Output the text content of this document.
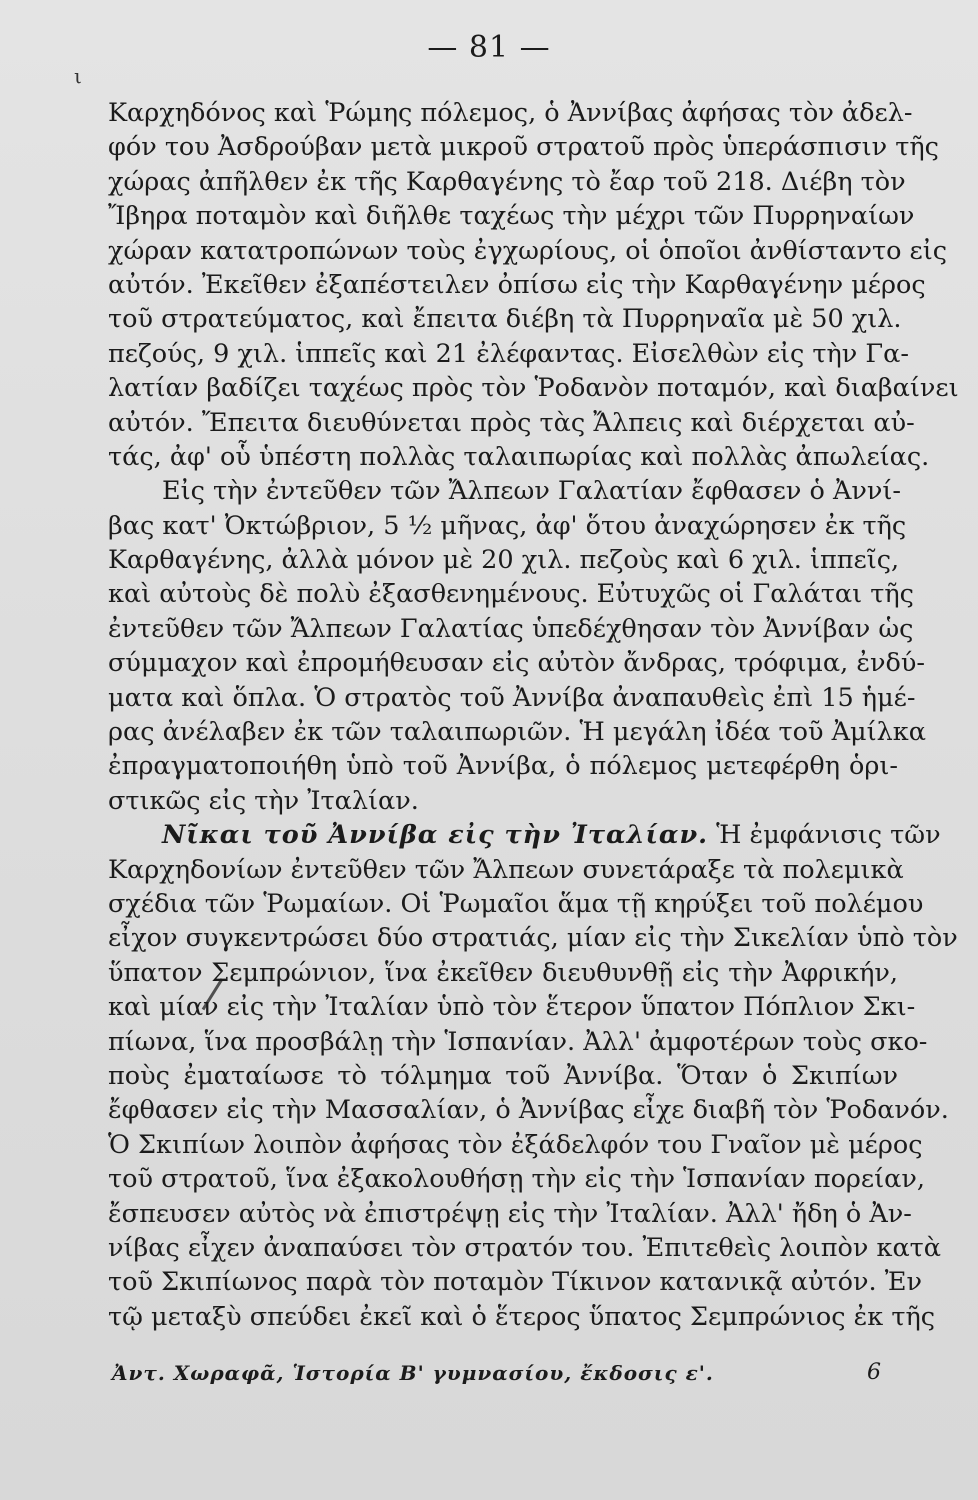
— 81 —
ι
Καρχηδόνος καὶ Ῥώμης πόλεμος, ὁ Ἀννίβας ἀφήσας τὸν ἀδελ-
φόν του Ἀσδρούβαν μετὰ μικροῦ στρατοῦ πρὸς ὑπεράσπισιν τῆς
χώρας ἀπῆλθεν ἐκ τῆς Καρθαγένης τὸ ἔαρ τοῦ 218. Διέβη τὸν
Ἴβηρα ποταμὸν καὶ διῆλθε ταχέως τὴν μέχρι τῶν Πυρρηναίων
χώραν κατατροπώνων τοὺς ἐγχωρίους, οἱ ὁποῖοι ἀνθίσταντο εἰς
αὐτόν. Ἐκεῖθεν ἐξαπέστειλεν ὀπίσω εἰς τὴν Καρθαγένην μέρος
τοῦ στρατεύματος, καὶ ἔπειτα διέβη τὰ Πυρρηναῖα μὲ 50 χιλ.
πεζούς, 9 χιλ. ἱππεῖς καὶ 21 ἐλέφαντας. Εἰσελθὼν εἰς τὴν Γα-
λατίαν βαδίζει ταχέως πρὸς τὸν Ῥοδανὸν ποταμόν, καὶ διαβαίνει
αὐτόν. Ἔπειτα διευθύνεται πρὸς τὰς Ἄλπεις καὶ διέρχεται αὐ-
τάς, ἀφ' οὗ ὑπέστη πολλὰς ταλαιπωρίας καὶ πολλὰς ἀπωλείας.
Εἰς τὴν ἐντεῦθεν τῶν Ἄλπεων Γαλατίαν ἔφθασεν ὁ Ἀννί-
βας κατ' Ὀκτώβριον, 5 ½ μῆνας, ἀφ' ὅτου ἀναχώρησεν ἐκ τῆς
Καρθαγένης, ἀλλὰ μόνον μὲ 20 χιλ. πεζοὺς καὶ 6 χιλ. ἱππεῖς,
καὶ αὐτοὺς δὲ πολὺ ἐξασθενημένους. Εὐτυχῶς οἱ Γαλάται τῆς
ἐντεῦθεν τῶν Ἄλπεων Γαλατίας ὑπεδέχθησαν τὸν Ἀννίβαν ὡς
σύμμαχον καὶ ἐπρομήθευσαν εἰς αὐτὸν ἄνδρας, τρόφιμα, ἐνδύ-
ματα καὶ ὅπλα. Ὁ στρατὸς τοῦ Ἀννίβα ἀναπαυθεὶς ἐπὶ 15 ἡμέ-
ρας ἀνέλαβεν ἐκ τῶν ταλαιπωριῶν. Ἡ μεγάλη ἰδέα τοῦ Ἀμίλκα
ἐπραγματοποιήθη ὑπὸ τοῦ Ἀννίβα, ὁ πόλεμος μετεφέρθη ὁρι-
στικῶς εἰς τὴν Ἰταλίαν.
Νῖκαι τοῦ Ἀννίβα εἰς τὴν Ἰταλίαν. Ἡ ἐμφάνισις τῶν
Καρχηδονίων ἐντεῦθεν τῶν Ἄλπεων συνετάραξε τὰ πολεμικὰ
σχέδια τῶν Ῥωμαίων. Οἱ Ῥωμαῖοι ἅμα τῇ κηρύξει τοῦ πολέμου
εἶχον συγκεντρώσει δύο στρατιάς, μίαν εἰς τὴν Σικελίαν ὑπὸ τὸν
ὕπατον Σεμπρώνιον, ἵνα ἐκεῖθεν διευθυνθῇ εἰς τὴν Ἀφρικήν,
καὶ μίαν εἰς τὴν Ἰταλίαν ὑπὸ τὸν ἕτερον ὕπατον Πόπλιον Σκι-
πίωνα, ἵνα προσβάλῃ τὴν Ἱσπανίαν. Ἀλλ' ἀμφοτέρων τοὺς σκο-
ποὺς ἐματαίωσε τὸ τόλμημα τοῦ Ἀννίβα. Ὅταν ὁ Σκιπίων
ἔφθασεν εἰς τὴν Μασσαλίαν, ὁ Ἀννίβας εἶχε διαβῆ τὸν Ῥοδανόν.
Ὁ Σκιπίων λοιπὸν ἀφήσας τὸν ἐξάδελφόν του Γναῖον μὲ μέρος
τοῦ στρατοῦ, ἵνα ἐξακολουθήσῃ τὴν εἰς τὴν Ἱσπανίαν πορείαν,
ἔσπευσεν αὐτὸς νὰ ἐπιστρέψῃ εἰς τὴν Ἰταλίαν. Ἀλλ' ἤδη ὁ Ἀν-
νίβας εἶχεν ἀναπαύσει τὸν στρατόν του. Ἐπιτεθεὶς λοιπὸν κατὰ
τοῦ Σκιπίωνος παρὰ τὸν ποταμὸν Τίκινον κατανικᾷ αὐτόν. Ἐν
τῷ μεταξὺ σπεύδει ἐκεῖ καὶ ὁ ἕτερος ὕπατος Σεμπρώνιος ἐκ τῆς
Ἀντ. Χωραφᾶ, Ἱστορία Β' γυμνασίου, ἔκδοσις ε'.	6
